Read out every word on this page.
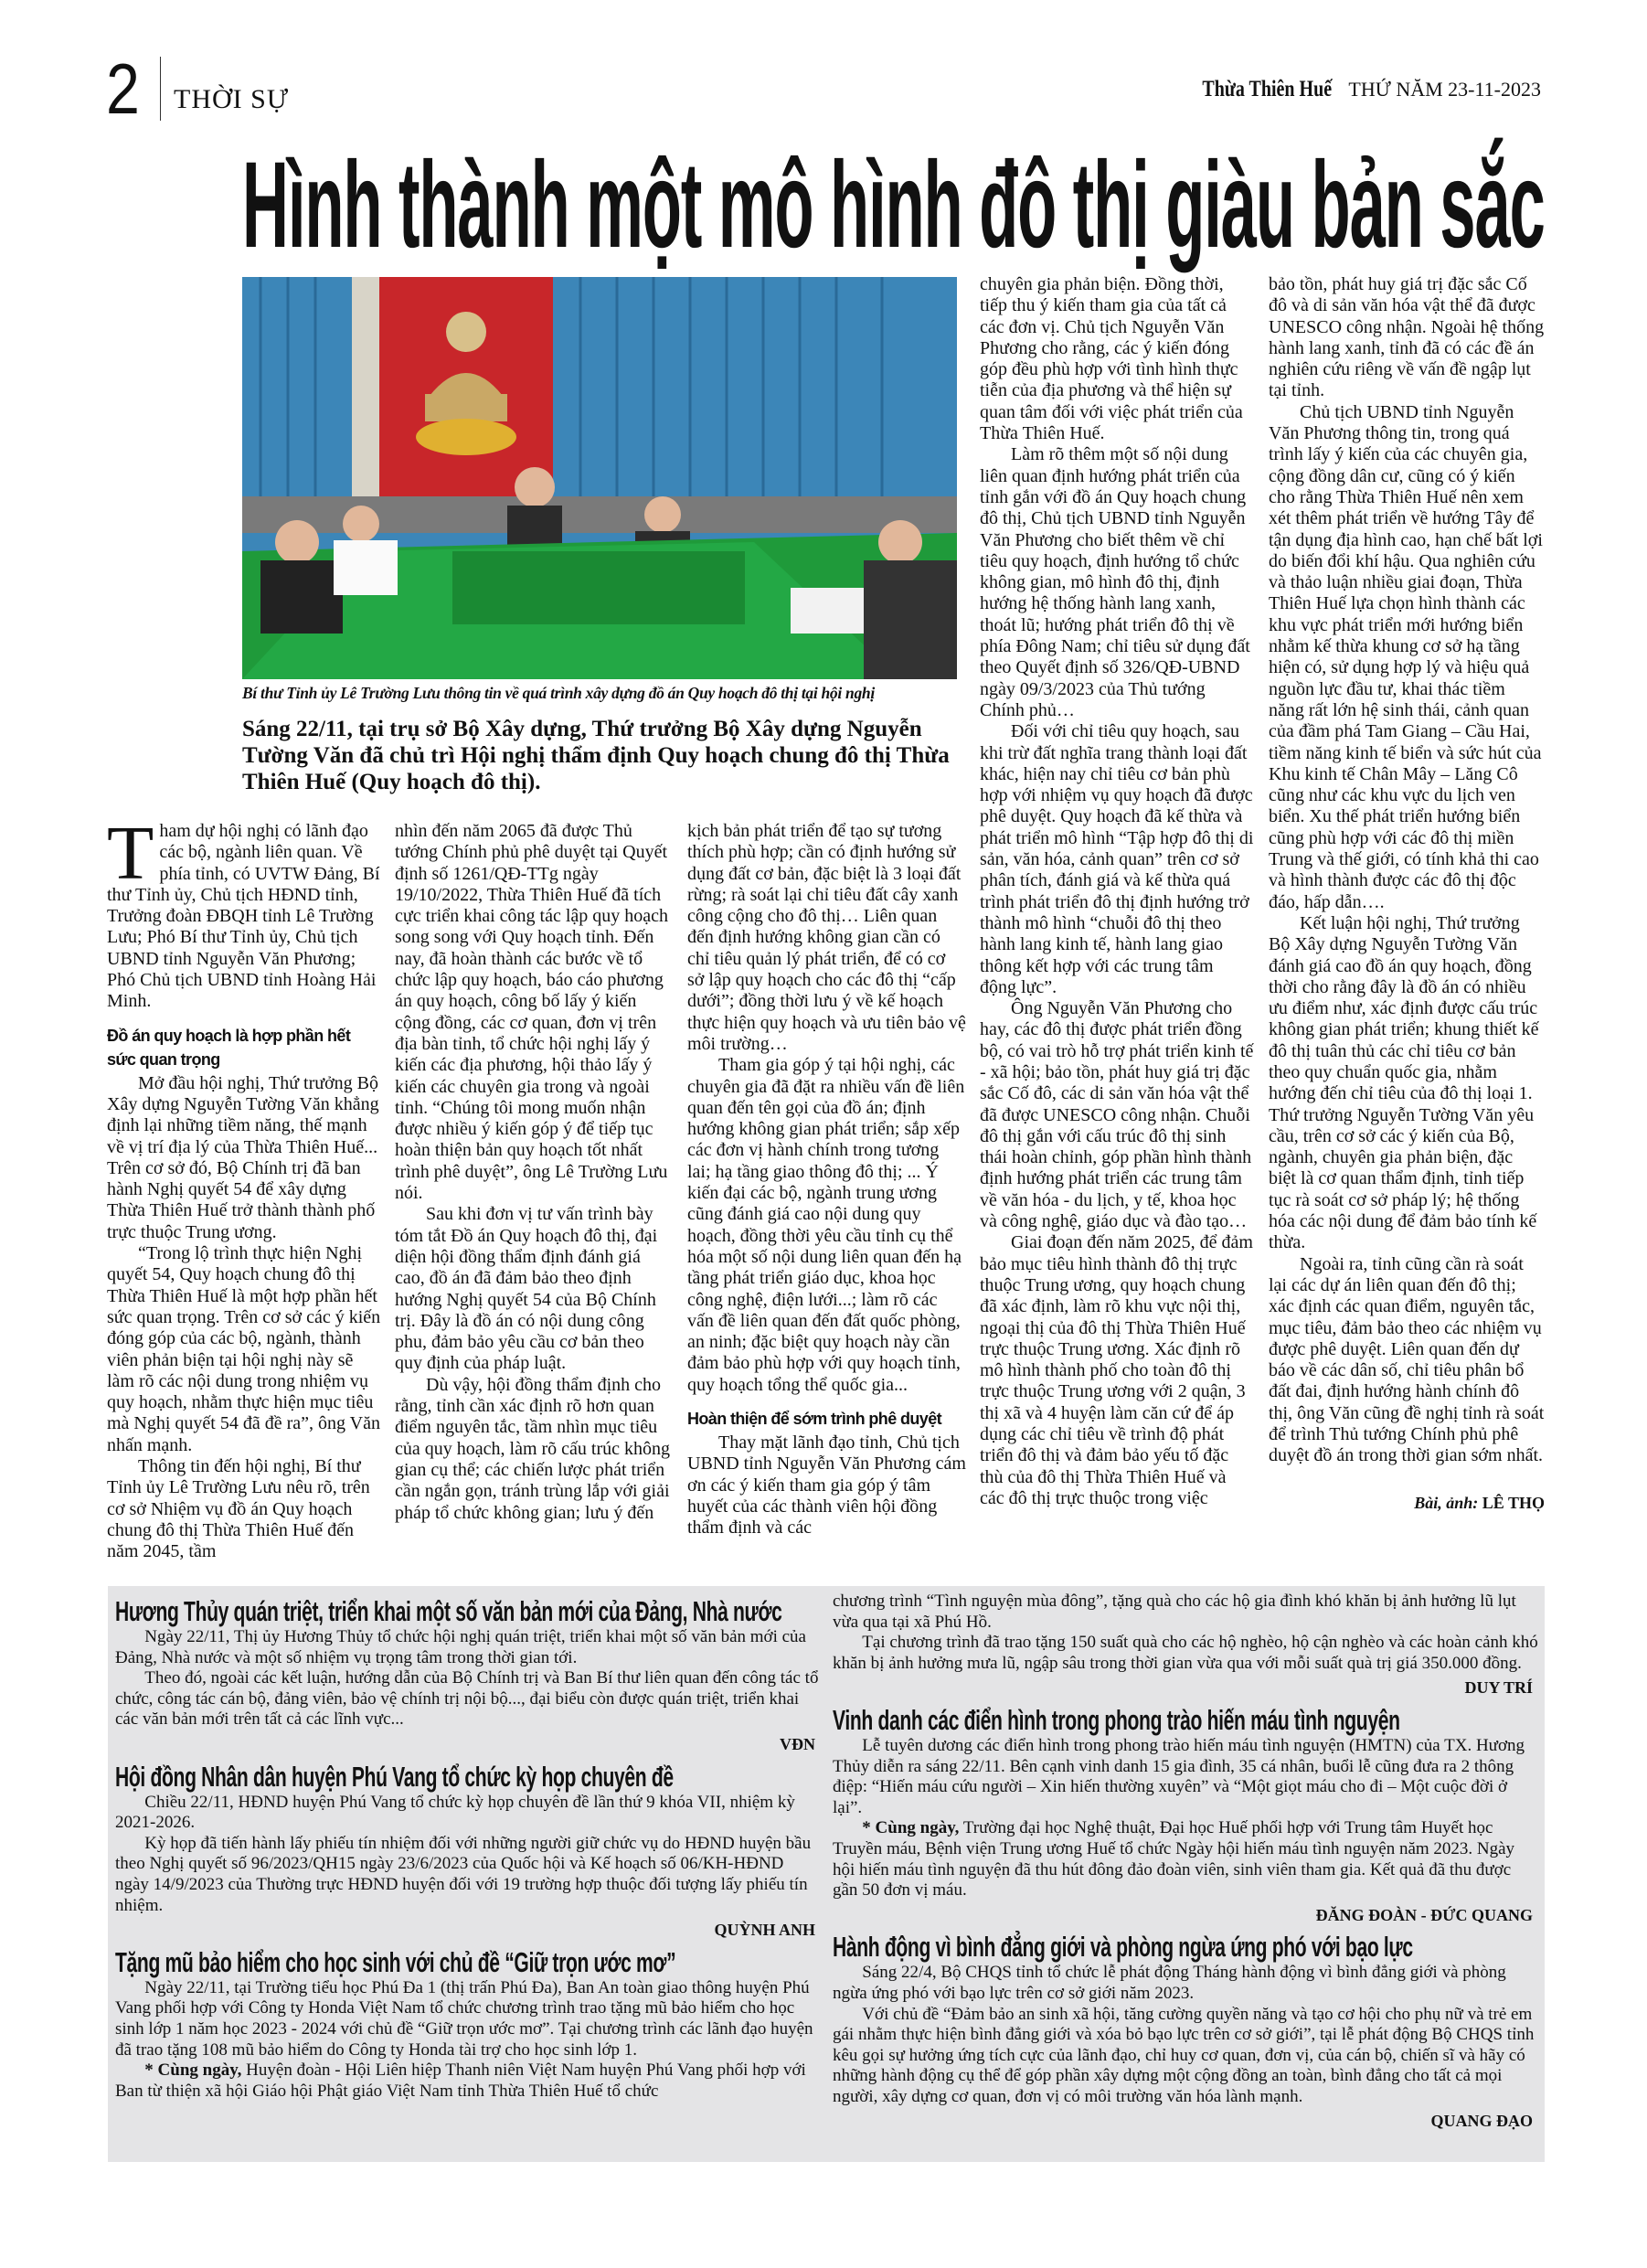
2 THỜI SỰ	Thừa Thiên Huế THỨ NĂM 23-11-2023
Hình thành một mô hình đô thị giàu bản sắc
Bí thư Tỉnh ủy Lê Trường Lưu thông tin về quá trình xây dựng đồ án Quy hoạch đô thị tại hội nghị
Sáng 22/11, tại trụ sở Bộ Xây dựng, Thứ trưởng Bộ Xây dựng Nguyễn Tường Văn đã chủ trì Hội nghị thẩm định Quy hoạch chung đô thị Thừa Thiên Huế (Quy hoạch đô thị).

Tham dự hội nghị có lãnh đạo các bộ, ngành liên quan. Về phía tỉnh, có UVTW Đảng, Bí thư Tỉnh ủy, Chủ tịch HĐND tỉnh, Trưởng đoàn ĐBQH tỉnh Lê Trường Lưu; Phó Bí thư Tỉnh ủy, Chủ tịch UBND tỉnh Nguyễn Văn Phương; Phó Chủ tịch UBND tỉnh Hoàng Hải Minh.

Đồ án quy hoạch là hợp phần hết sức quan trọng

Mở đầu hội nghị, Thứ trưởng Bộ Xây dựng Nguyễn Tường Văn khẳng định lại những tiềm năng, thế mạnh về vị trí địa lý của Thừa Thiên Huế... Trên cơ sở đó, Bộ Chính trị đã ban hành Nghị quyết 54 để xây dựng Thừa Thiên Huế trở thành thành phố trực thuộc Trung ương.

“Trong lộ trình thực hiện Nghị quyết 54, Quy hoạch chung đô thị Thừa Thiên Huế là một hợp phần hết sức quan trọng. Trên cơ sở các ý kiến đóng góp của các bộ, ngành, thành viên phản biện tại hội nghị này sẽ làm rõ các nội dung trong nhiệm vụ quy hoạch, nhằm thực hiện mục tiêu mà Nghị quyết 54 đã đề ra”, ông Văn nhấn mạnh.

Thông tin đến hội nghị, Bí thư Tỉnh ủy Lê Trường Lưu nêu rõ, trên cơ sở Nhiệm vụ đồ án Quy hoạch chung đô thị Thừa Thiên Huế đến năm 2045, tầm

nhìn đến năm 2065 đã được Thủ tướng Chính phủ phê duyệt tại Quyết định số 1261/QĐ-TTg ngày 19/10/2022, Thừa Thiên Huế đã tích cực triển khai công tác lập quy hoạch song song với Quy hoạch tỉnh. Đến nay, đã hoàn thành các bước về tổ chức lập quy hoạch, báo cáo phương án quy hoạch, công bố lấy ý kiến cộng đồng, các cơ quan, đơn vị trên địa bàn tỉnh, tổ chức hội nghị lấy ý kiến các địa phương, hội thảo lấy ý kiến các chuyên gia trong và ngoài tỉnh. “Chúng tôi mong muốn nhận được nhiều ý kiến góp ý để tiếp tục hoàn thiện bản quy hoạch tốt nhất trình phê duyệt”, ông Lê Trường Lưu nói.

Sau khi đơn vị tư vấn trình bày tóm tắt Đồ án Quy hoạch đô thị, đại diện hội đồng thẩm định đánh giá cao, đồ án đã đảm bảo theo định hướng Nghị quyết 54 của Bộ Chính trị. Đây là đồ án có nội dung công phu, đảm bảo yêu cầu cơ bản theo quy định của pháp luật.

Dù vậy, hội đồng thẩm định cho rằng, tỉnh cần xác định rõ hơn quan điểm nguyên tắc, tầm nhìn mục tiêu của quy hoạch, làm rõ cấu trúc không gian cụ thể; các chiến lược phát triển cần ngắn gọn, tránh trùng lắp với giải pháp tổ chức không gian; lưu ý đến

kịch bản phát triển để tạo sự tương thích phù hợp; cần có định hướng sử dụng đất cơ bản, đặc biệt là 3 loại đất rừng; rà soát lại chỉ tiêu đất cây xanh công cộng cho đô thị… Liên quan đến định hướng không gian cần có chỉ tiêu quản lý phát triển, để có cơ sở lập quy hoạch cho các đô thị “cấp dưới”; đồng thời lưu ý về kế hoạch thực hiện quy hoạch và ưu tiên bảo vệ môi trường…

Tham gia góp ý tại hội nghị, các chuyên gia đã đặt ra nhiều vấn đề liên quan đến tên gọi của đồ án; định hướng không gian phát triển; sắp xếp các đơn vị hành chính trong tương lai; hạ tầng giao thông đô thị; ... Ý kiến đại các bộ, ngành trung ương cũng đánh giá cao nội dung quy hoạch, đồng thời yêu cầu tỉnh cụ thể hóa một số nội dung liên quan đến hạ tầng phát triển giáo dục, khoa học công nghệ, điện lưới...; làm rõ các vấn đề liên quan đến đất quốc phòng, an ninh; đặc biệt quy hoạch này cần đảm bảo phù hợp với quy hoạch tỉnh, quy hoạch tổng thể quốc gia...

Hoàn thiện để sớm trình phê duyệt

Thay mặt lãnh đạo tỉnh, Chủ tịch UBND tỉnh Nguyễn Văn Phương cám ơn các ý kiến tham gia góp ý tâm huyết của các thành viên hội đồng thẩm định và các

chuyên gia phản biện. Đồng thời, tiếp thu ý kiến tham gia của tất cả các đơn vị. Chủ tịch Nguyễn Văn Phương cho rằng, các ý kiến đóng góp đều phù hợp với tình hình thực tiễn của địa phương và thể hiện sự quan tâm đối với việc phát triển của Thừa Thiên Huế.

Làm rõ thêm một số nội dung liên quan định hướng phát triển của tỉnh gắn với đồ án Quy hoạch chung đô thị, Chủ tịch UBND tỉnh Nguyễn Văn Phương cho biết thêm về chỉ tiêu quy hoạch, định hướng tổ chức không gian, mô hình đô thị, định hướng hệ thống hành lang xanh, thoát lũ; hướng phát triển đô thị về phía Đông Nam; chỉ tiêu sử dụng đất theo Quyết định số 326/QĐ-UBND ngày 09/3/2023 của Thủ tướng Chính phủ…

Đối với chỉ tiêu quy hoạch, sau khi trừ đất nghĩa trang thành loại đất khác, hiện nay chỉ tiêu cơ bản phù hợp với nhiệm vụ quy hoạch đã được phê duyệt. Quy hoạch đã kế thừa và phát triển mô hình “Tập hợp đô thị di sản, văn hóa, cảnh quan” trên cơ sở phân tích, đánh giá và kế thừa quá trình phát triển đô thị định hướng trở thành mô hình “chuỗi đô thị theo hành lang kinh tế, hành lang giao thông kết hợp với các trung tâm động lực”.

Ông Nguyễn Văn Phương cho hay, các đô thị được phát triển đồng bộ, có vai trò hỗ trợ phát triển kinh tế - xã hội; bảo tồn, phát huy giá trị đặc sắc Cố đô, các di sản văn hóa vật thể đã được UNESCO công nhận. Chuỗi đô thị gắn với cấu trúc đô thị sinh thái hoàn chỉnh, góp phần hình thành định hướng phát triển các trung tâm về văn hóa - du lịch, y tế, khoa học và công nghệ, giáo dục và đào tạo…

Giai đoạn đến năm 2025, để đảm bảo mục tiêu hình thành đô thị trực thuộc Trung ương, quy hoạch chung đã xác định, làm rõ khu vực nội thị, ngoại thị của đô thị Thừa Thiên Huế trực thuộc Trung ương. Xác định rõ mô hình thành phố cho toàn đô thị trực thuộc Trung ương với 2 quận, 3 thị xã và 4 huyện làm căn cứ để áp dụng các chỉ tiêu về trình độ phát triển đô thị và đảm bảo yếu tố đặc thù của đô thị Thừa Thiên Huế và các đô thị trực thuộc trong việc

bảo tồn, phát huy giá trị đặc sắc Cố đô và di sản văn hóa vật thể đã được UNESCO công nhận. Ngoài hệ thống hành lang xanh, tỉnh đã có các đề án nghiên cứu riêng về vấn đề ngập lụt tại tỉnh.

Chủ tịch UBND tỉnh Nguyễn Văn Phương thông tin, trong quá trình lấy ý kiến của các chuyên gia, cộng đồng dân cư, cũng có ý kiến cho rằng Thừa Thiên Huế nên xem xét thêm phát triển về hướng Tây để tận dụng địa hình cao, hạn chế bất lợi do biến đổi khí hậu. Qua nghiên cứu và thảo luận nhiều giai đoạn, Thừa Thiên Huế lựa chọn hình thành các khu vực phát triển mới hướng biển nhằm kế thừa khung cơ sở hạ tầng hiện có, sử dụng hợp lý và hiệu quả nguồn lực đầu tư, khai thác tiềm năng rất lớn hệ sinh thái, cảnh quan của đầm phá Tam Giang – Cầu Hai, tiềm năng kinh tế biển và sức hút của Khu kinh tế Chân Mây – Lăng Cô cũng như các khu vực du lịch ven biển. Xu thế phát triển hướng biển cũng phù hợp với các đô thị miền Trung và thế giới, có tính khả thi cao và hình thành được các đô thị độc đáo, hấp dẫn….

Kết luận hội nghị, Thứ trưởng Bộ Xây dựng Nguyễn Tường Văn đánh giá cao đồ án quy hoạch, đồng thời cho rằng đây là đồ án có nhiều ưu điểm như, xác định được cấu trúc không gian phát triển; khung thiết kế đô thị tuân thủ các chỉ tiêu cơ bản theo quy chuẩn quốc gia, nhằm hướng đến chỉ tiêu của đô thị loại 1. Thứ trưởng Nguyễn Tường Văn yêu cầu, trên cơ sở các ý kiến của Bộ, ngành, chuyên gia phản biện, đặc biệt là cơ quan thẩm định, tỉnh tiếp tục rà soát cơ sở pháp lý; hệ thống hóa các nội dung để đảm bảo tính kế thừa.

Ngoài ra, tỉnh cũng cần rà soát lại các dự án liên quan đến đô thị; xác định các quan điểm, nguyên tắc, mục tiêu, đảm bảo theo các nhiệm vụ được phê duyệt. Liên quan đến dự báo về các dân số, chỉ tiêu phân bổ đất đai, định hướng hành chính đô thị, ông Văn cũng đề nghị tỉnh rà soát để trình Thủ tướng Chính phủ phê duyệt đồ án trong thời gian sớm nhất.

Bài, ảnh: LÊ THỌ
Hương Thủy quán triệt, triển khai một số văn bản mới của Đảng, Nhà nước

Ngày 22/11, Thị ủy Hương Thủy tổ chức hội nghị quán triệt, triển khai một số văn bản mới của Đảng, Nhà nước và một số nhiệm vụ trọng tâm trong thời gian tới.

Theo đó, ngoài các kết luận, hướng dẫn của Bộ Chính trị và Ban Bí thư liên quan đến công tác tổ chức, công tác cán bộ, đảng viên, bảo vệ chính trị nội bộ..., đại biểu còn được quán triệt, triển khai các văn bản mới trên tất cả các lĩnh vực...

VĐN
Hội đồng Nhân dân huyện Phú Vang tổ chức kỳ họp chuyên đề

Chiều 22/11, HĐND huyện Phú Vang tổ chức kỳ họp chuyên đề lần thứ 9 khóa VII, nhiệm kỳ 2021-2026.

Kỳ họp đã tiến hành lấy phiếu tín nhiệm đối với những người giữ chức vụ do HĐND huyện bầu theo Nghị quyết số 96/2023/QH15 ngày 23/6/2023 của Quốc hội và Kế hoạch số 06/KH-HĐND ngày 14/9/2023 của Thường trực HĐND huyện đối với 19 trường hợp thuộc đối tượng lấy phiếu tín nhiệm.

QUỲNH ANH
Tặng mũ bảo hiểm cho học sinh với chủ đề “Giữ trọn ước mơ”

Ngày 22/11, tại Trường tiểu học Phú Đa 1 (thị trấn Phú Đa), Ban An toàn giao thông huyện Phú Vang phối hợp với Công ty Honda Việt Nam tổ chức chương trình trao tặng mũ bảo hiểm cho học sinh lớp 1 năm học 2023 - 2024 với chủ đề “Giữ trọn ước mơ”. Tại chương trình các lãnh đạo huyện đã trao tặng 108 mũ bảo hiểm do Công ty Honda tài trợ cho học sinh lớp 1.

* Cùng ngày, Huyện đoàn - Hội Liên hiệp Thanh niên Việt Nam huyện Phú Vang phối hợp với Ban từ thiện xã hội Giáo hội Phật giáo Việt Nam tỉnh Thừa Thiên Huế tổ chức

chương trình “Tình nguyện mùa đông”, tặng quà cho các hộ gia đình khó khăn bị ảnh hưởng lũ lụt vừa qua tại xã Phú Hồ.

Tại chương trình đã trao tặng 150 suất quà cho các hộ nghèo, hộ cận nghèo và các hoàn cảnh khó khăn bị ảnh hưởng mưa lũ, ngập sâu trong thời gian vừa qua với mỗi suất quà trị giá 350.000 đồng.

DUY TRÍ
Vinh danh các điển hình trong phong trào hiến máu tình nguyện

Lễ tuyên dương các điển hình trong phong trào hiến máu tình nguyện (HMTN) của TX. Hương Thủy diễn ra sáng 22/11. Bên cạnh vinh danh 15 gia đình, 35 cá nhân, buổi lễ cũng đưa ra 2 thông điệp: “Hiến máu cứu người – Xin hiến thường xuyên” và “Một giọt máu cho đi – Một cuộc đời ở lại”.

* Cùng ngày, Trường đại học Nghệ thuật, Đại học Huế phối hợp với Trung tâm Huyết học Truyền máu, Bệnh viện Trung ương Huế tổ chức Ngày hội hiến máu tình nguyện năm 2023. Ngày hội hiến máu tình nguyện đã thu hút đông đảo đoàn viên, sinh viên tham gia. Kết quả đã thu được gần 50 đơn vị máu.

ĐĂNG ĐOÀN - ĐỨC QUANG
Hành động vì bình đẳng giới và phòng ngừa ứng phó với bạo lực

Sáng 22/4, Bộ CHQS tỉnh tổ chức lễ phát động Tháng hành động vì bình đẳng giới và phòng ngừa ứng phó với bạo lực trên cơ sở giới năm 2023.

Với chủ đề “Đảm bảo an sinh xã hội, tăng cường quyền năng và tạo cơ hội cho phụ nữ và trẻ em gái nhằm thực hiện bình đẳng giới và xóa bỏ bạo lực trên cơ sở giới”, tại lễ phát động Bộ CHQS tỉnh kêu gọi sự hưởng ứng tích cực của lãnh đạo, chỉ huy cơ quan, đơn vị, của cán bộ, chiến sĩ và hãy có những hành động cụ thể để góp phần xây dựng một cộng đồng an toàn, bình đẳng cho tất cả mọi người, xây dựng cơ quan, đơn vị có môi trường văn hóa lành mạnh.

QUANG ĐẠO
